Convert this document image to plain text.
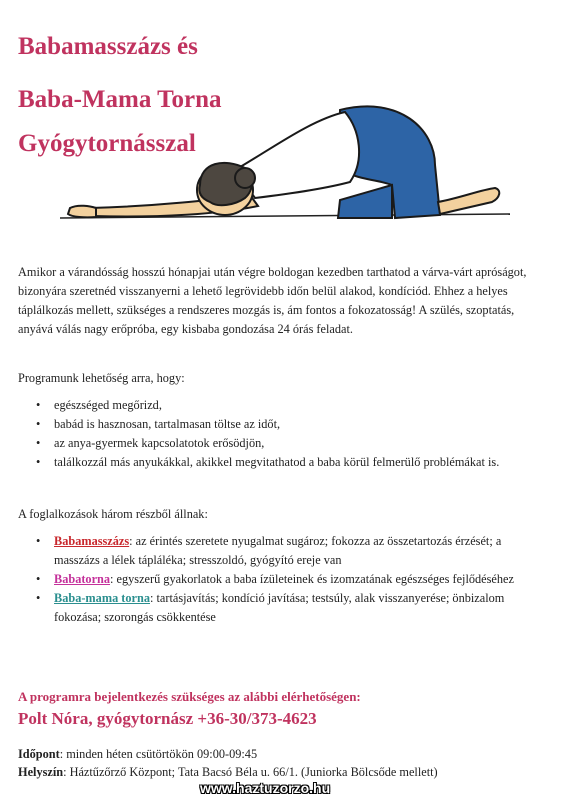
Babamasszázs és
Baba-Mama Torna
Gyógytornásszal

Amikor a várandósság hosszú hónapjai után végre boldogan kezedben tarthatod a várva-várt apróságot, bizonyára szeretnéd visszanyerni a lehető legrövidebb időn belül alakod, kondíciód. Ehhez a helyes táplálkozás mellett, szükséges a rendszeres mozgás is, ám fontos a fokozatosság! A szülés, szoptatás, anyává válás nagy erőpróba, egy kisbaba gondozása 24 órás feladat.

Programunk lehetőség arra, hogy:

• egészséged megőrizd,
• babád is hasznosan, tartalmasan töltse az időt,
• az anya-gyermek kapcsolatotok erősödjön,
• találkozzál más anyukákkal, akikkel megvitathatod a baba körül felmerülő problémákat is.

A foglalkozások három részből állnak:

• Babamasszázs: az érintés szeretete nyugalmat sugároz; fokozza az összetartozás érzését; a masszázs a lélek tápláléka; stresszoldó, gyógyító ereje van
• Babatorna: egyszerű gyakorlatok a baba ízületeinek és izomzatának egészséges fejlődéséhez
• Baba-mama torna: tartásjavítás; kondíció javítása; testsúly, alak visszanyerése; önbizalom fokozása; szorongás csökkentése

A programra bejelentkezés szükséges az alábbi elérhetőségen:

Polt Nóra, gyógytornász +36-30/373-4623

Időpont: minden héten csütörtökön 09:00-09:45

Helyszín: Háztűzőrző Központ; Tata Bacsó Béla u. 66/1. (Juniorka Bölcsőde mellett)

www.haztuzorzo.hu
